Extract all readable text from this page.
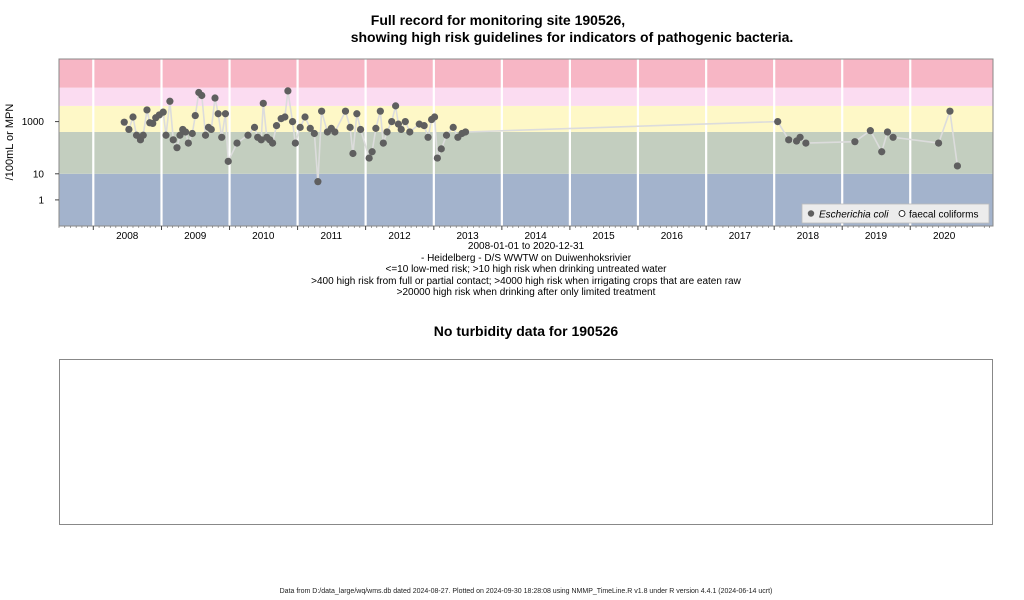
Full record for monitoring site 190526,
showing high risk guidelines for indicators of pathogenic bacteria.
1
10
1000
2008	2009	2010	2011	2012	2013	2014	2015	2016	2017	2018	2019	2020
/100mL or MPN
Escherichia coli faecal coliforms
2008-01-01 to 2020-12-31
- Heidelberg - D/S WWTW on Duiwenhoksrivier
<=10 low-med risk; >10 high risk when drinking untreated water
>400 high risk from full or partial contact; >4000 high risk when irrigating crops that are eaten raw
>20000 high risk when drinking after only limited treatment
No turbidity data for 190526
Data from D:/data_large/wq/wms.db dated 2024-08-27. Plotted on 2024-09-30 18:28:08 using NMMP_TimeLine.R v1.8 under R version 4.4.1 (2024-06-14 ucrt)
